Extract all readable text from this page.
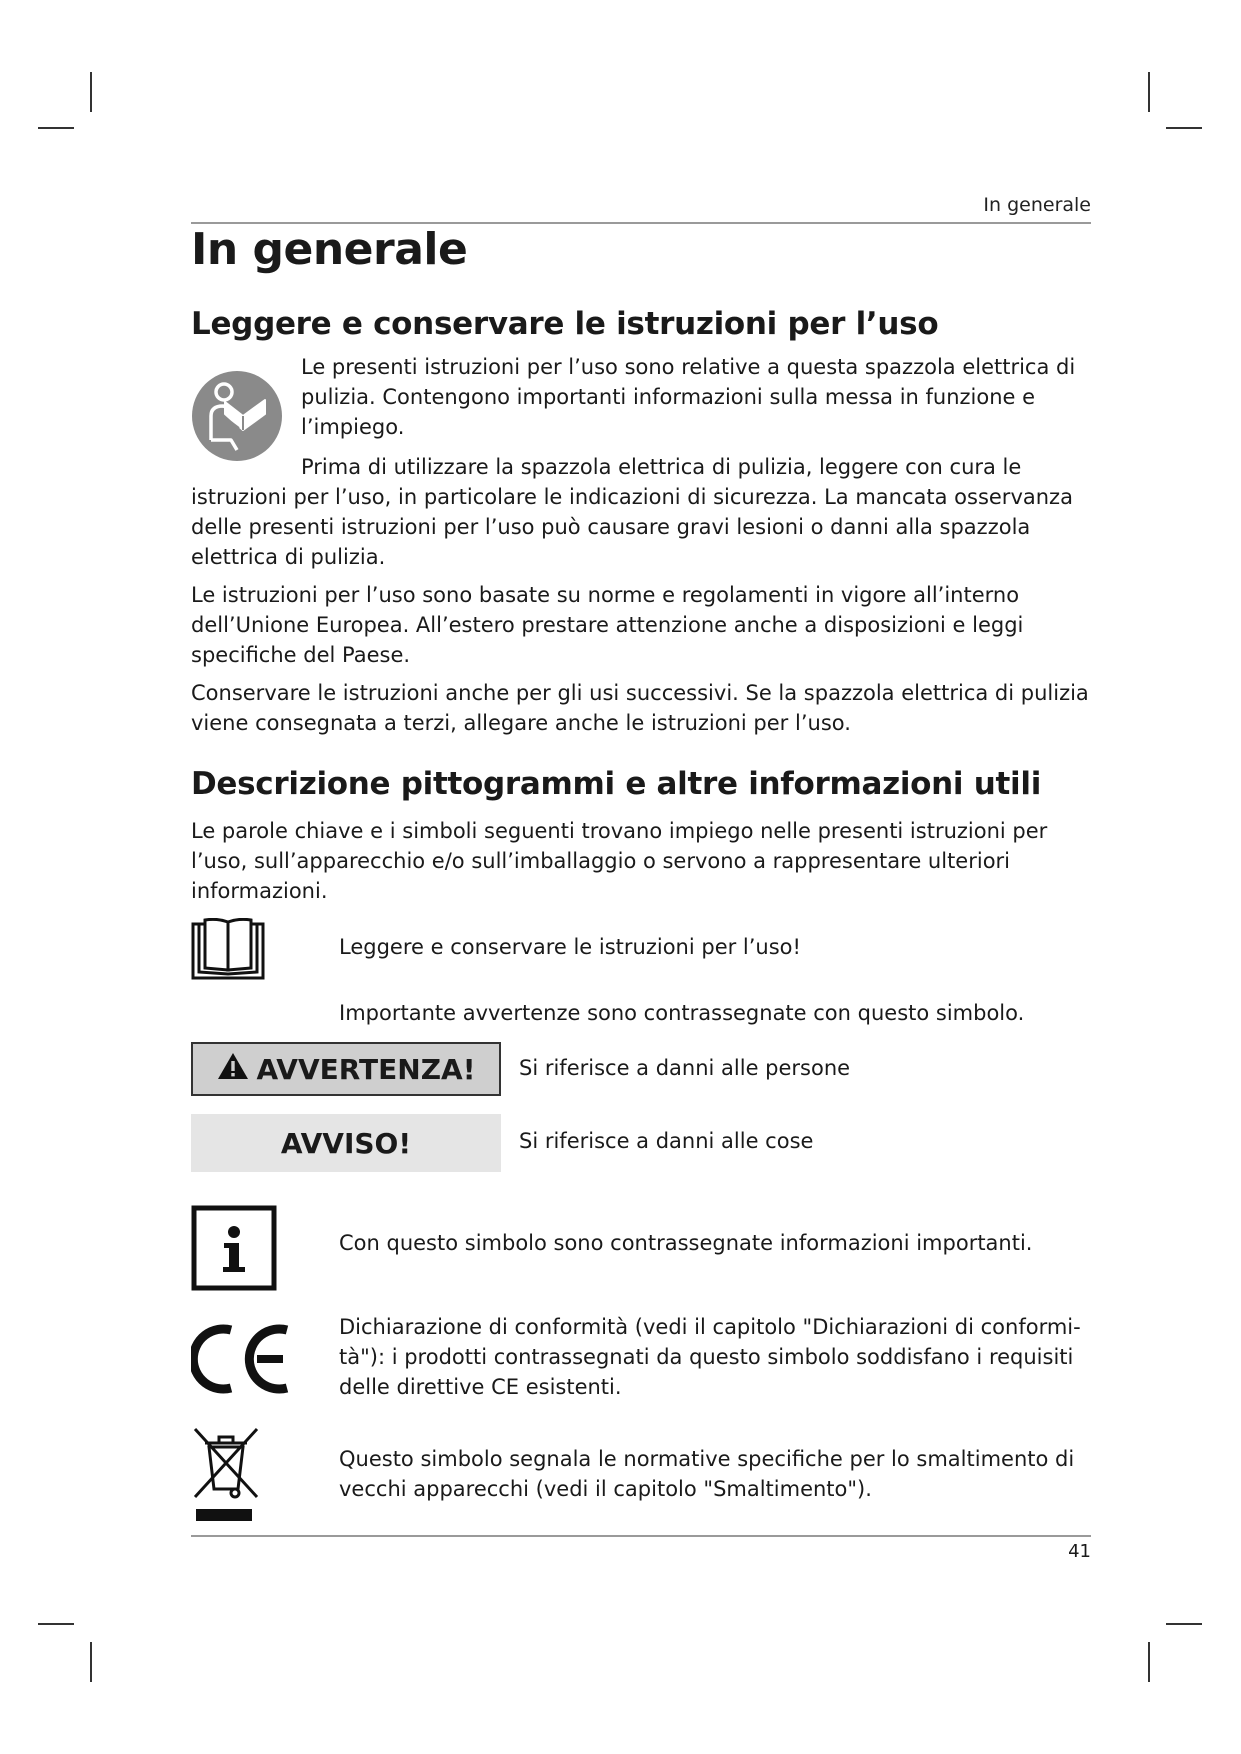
In generale
In generale
Leggere e conservare le istruzioni per l’uso

Le presenti istruzioni per l’uso sono relative a questa spazzola elettrica di pulizia. Contengono importanti informazioni sulla messa in funzione e l’impiego.

Prima di utilizzare la spazzola elettrica di pulizia, leggere con cura le

istruzioni per l’uso, in particolare le indicazioni di sicurezza. La mancata osservanza delle presenti istruzioni per l’uso può causare gravi lesioni o danni alla spazzola elettrica di pulizia.

Le istruzioni per l’uso sono basate su norme e regolamenti in vigore all’interno dell’Unione Europea. All’estero prestare attenzione anche a disposizioni e leggi specifiche del Paese.

Conservare le istruzioni anche per gli usi successivi. Se la spazzola elettrica di pulizia viene consegnata a terzi, allegare anche le istruzioni per l’uso.

Descrizione pittogrammi e altre informazioni utili

Le parole chiave e i simboli seguenti trovano impiego nelle presenti istruzioni per l’uso, sull’apparecchio e/o sull’imballaggio o servono a rappresentare ulteriori informazioni.

Leggere e conservare le istruzioni per l’uso!
Importante avvertenze sono contrassegnate con questo simbolo.
AVVERTENZA! Si riferisce a danni alle persone
AVVISO!	Si riferisce a danni alle cose
Con questo simbolo sono contrassegnate informazioni importanti.
Dichiarazione di conformità (vedi il capitolo "Dichiarazioni di conformi-tà"): i prodotti contrassegnati da questo simbolo soddisfano i requisiti delle direttive CE esistenti.
Questo simbolo segnala le normative specifiche per lo smaltimento di vecchi apparecchi (vedi il capitolo "Smaltimento").
41
